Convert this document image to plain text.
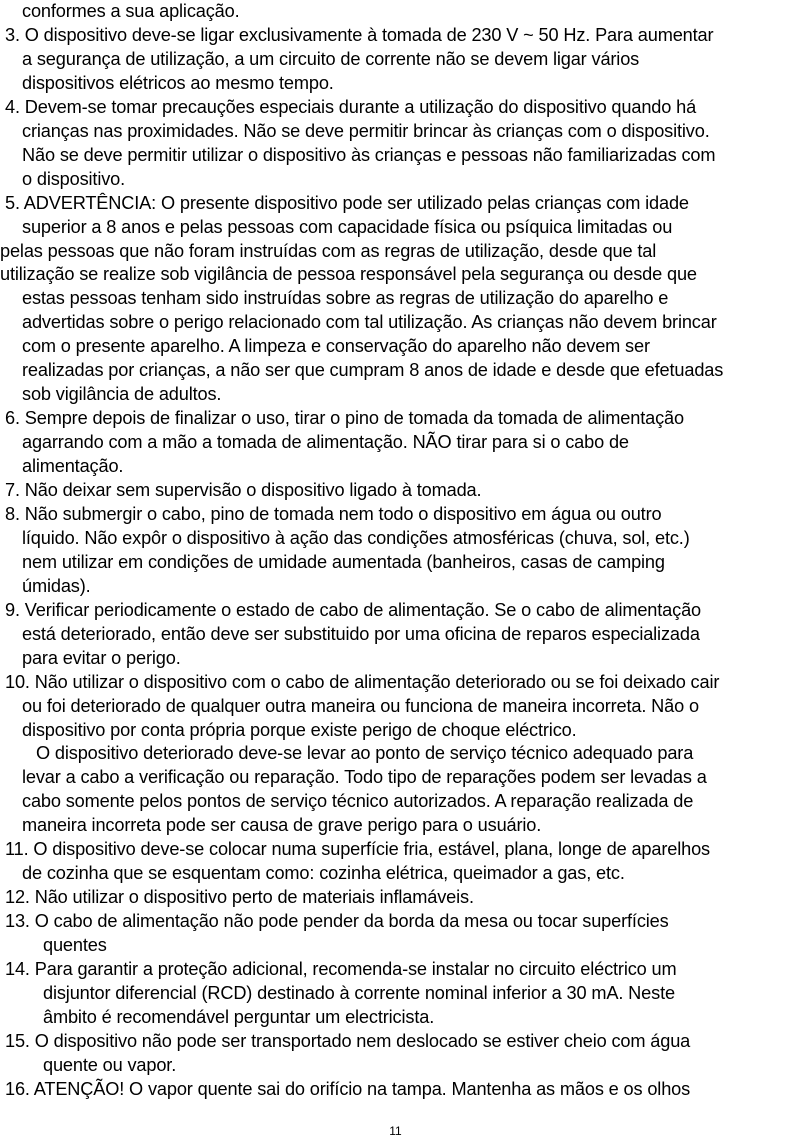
conformes a sua aplicação.
3. O dispositivo deve-se ligar exclusivamente à tomada de 230 V ~ 50 Hz. Para aumentar
a segurança de utilização, a um circuito de corrente não se devem ligar vários
dispositivos elétricos ao mesmo tempo.
4. Devem-se tomar precauções especiais durante a utilização do dispositivo quando há
crianças nas proximidades. Não se deve permitir brincar às crianças com o dispositivo.
Não se deve permitir utilizar o dispositivo às crianças e pessoas não familiarizadas com
o dispositivo.
5. ADVERTÊNCIA: O presente dispositivo pode ser utilizado pelas crianças com idade
superior a 8 anos e pelas pessoas com capacidade física ou psíquica limitadas ou
pelas pessoas que não foram instruídas com as regras de utilização, desde que tal
utilização se realize sob vigilância de pessoa responsável pela segurança ou desde que
estas pessoas tenham sido instruídas sobre as regras de utilização do aparelho e
advertidas sobre o perigo relacionado com tal utilização. As crianças não devem brincar
com o presente aparelho. A limpeza e conservação do aparelho não devem ser
realizadas por crianças, a não ser que cumpram 8 anos de idade e desde que efetuadas
sob vigilância de adultos.
6. Sempre depois de finalizar o uso, tirar o pino de tomada da tomada de alimentação
agarrando com a mão a tomada de alimentação. NÃO tirar para si o cabo de
alimentação.
7. Não deixar sem supervisão o dispositivo ligado à tomada.
8. Não submergir o cabo, pino de tomada nem todo o dispositivo em água ou outro
líquido. Não expôr o dispositivo à ação das condições atmosféricas (chuva, sol, etc.)
nem utilizar em condições de umidade aumentada (banheiros, casas de camping
úmidas).
9. Verificar periodicamente o estado de cabo de alimentação. Se o cabo de alimentação
está deteriorado, então deve ser substituido por uma oficina de reparos especializada
para evitar o perigo.
10. Não utilizar o dispositivo com o cabo de alimentação deteriorado ou se foi deixado cair
ou foi deteriorado de qualquer outra maneira ou funciona de maneira incorreta. Não o
dispositivo por conta própria porque existe perigo de choque eléctrico.
O dispositivo deteriorado deve-se levar ao ponto de serviço técnico adequado para
levar a cabo a verificação ou reparação. Todo tipo de reparações podem ser levadas a
cabo somente pelos pontos de serviço técnico autorizados. A reparação realizada de
maneira incorreta pode ser causa de grave perigo para o usuário.
11. O dispositivo deve-se colocar numa superfície fria, estável, plana, longe de aparelhos
de cozinha que se esquentam como: cozinha elétrica, queimador a gas, etc.
12. Não utilizar o dispositivo perto de materiais inflamáveis.
13. O cabo de alimentação não pode pender da borda da mesa ou tocar superfícies
quentes
14. Para garantir a proteção adicional, recomenda-se instalar no circuito eléctrico um
disjuntor diferencial (RCD) destinado à corrente nominal inferior a 30 mA. Neste
âmbito é recomendável perguntar um electricista.
15. O dispositivo não pode ser transportado nem deslocado se estiver cheio com água
quente ou vapor.
16. ATENÇÃO! O vapor quente sai do orifício na tampa. Mantenha as mãos e os olhos
11
